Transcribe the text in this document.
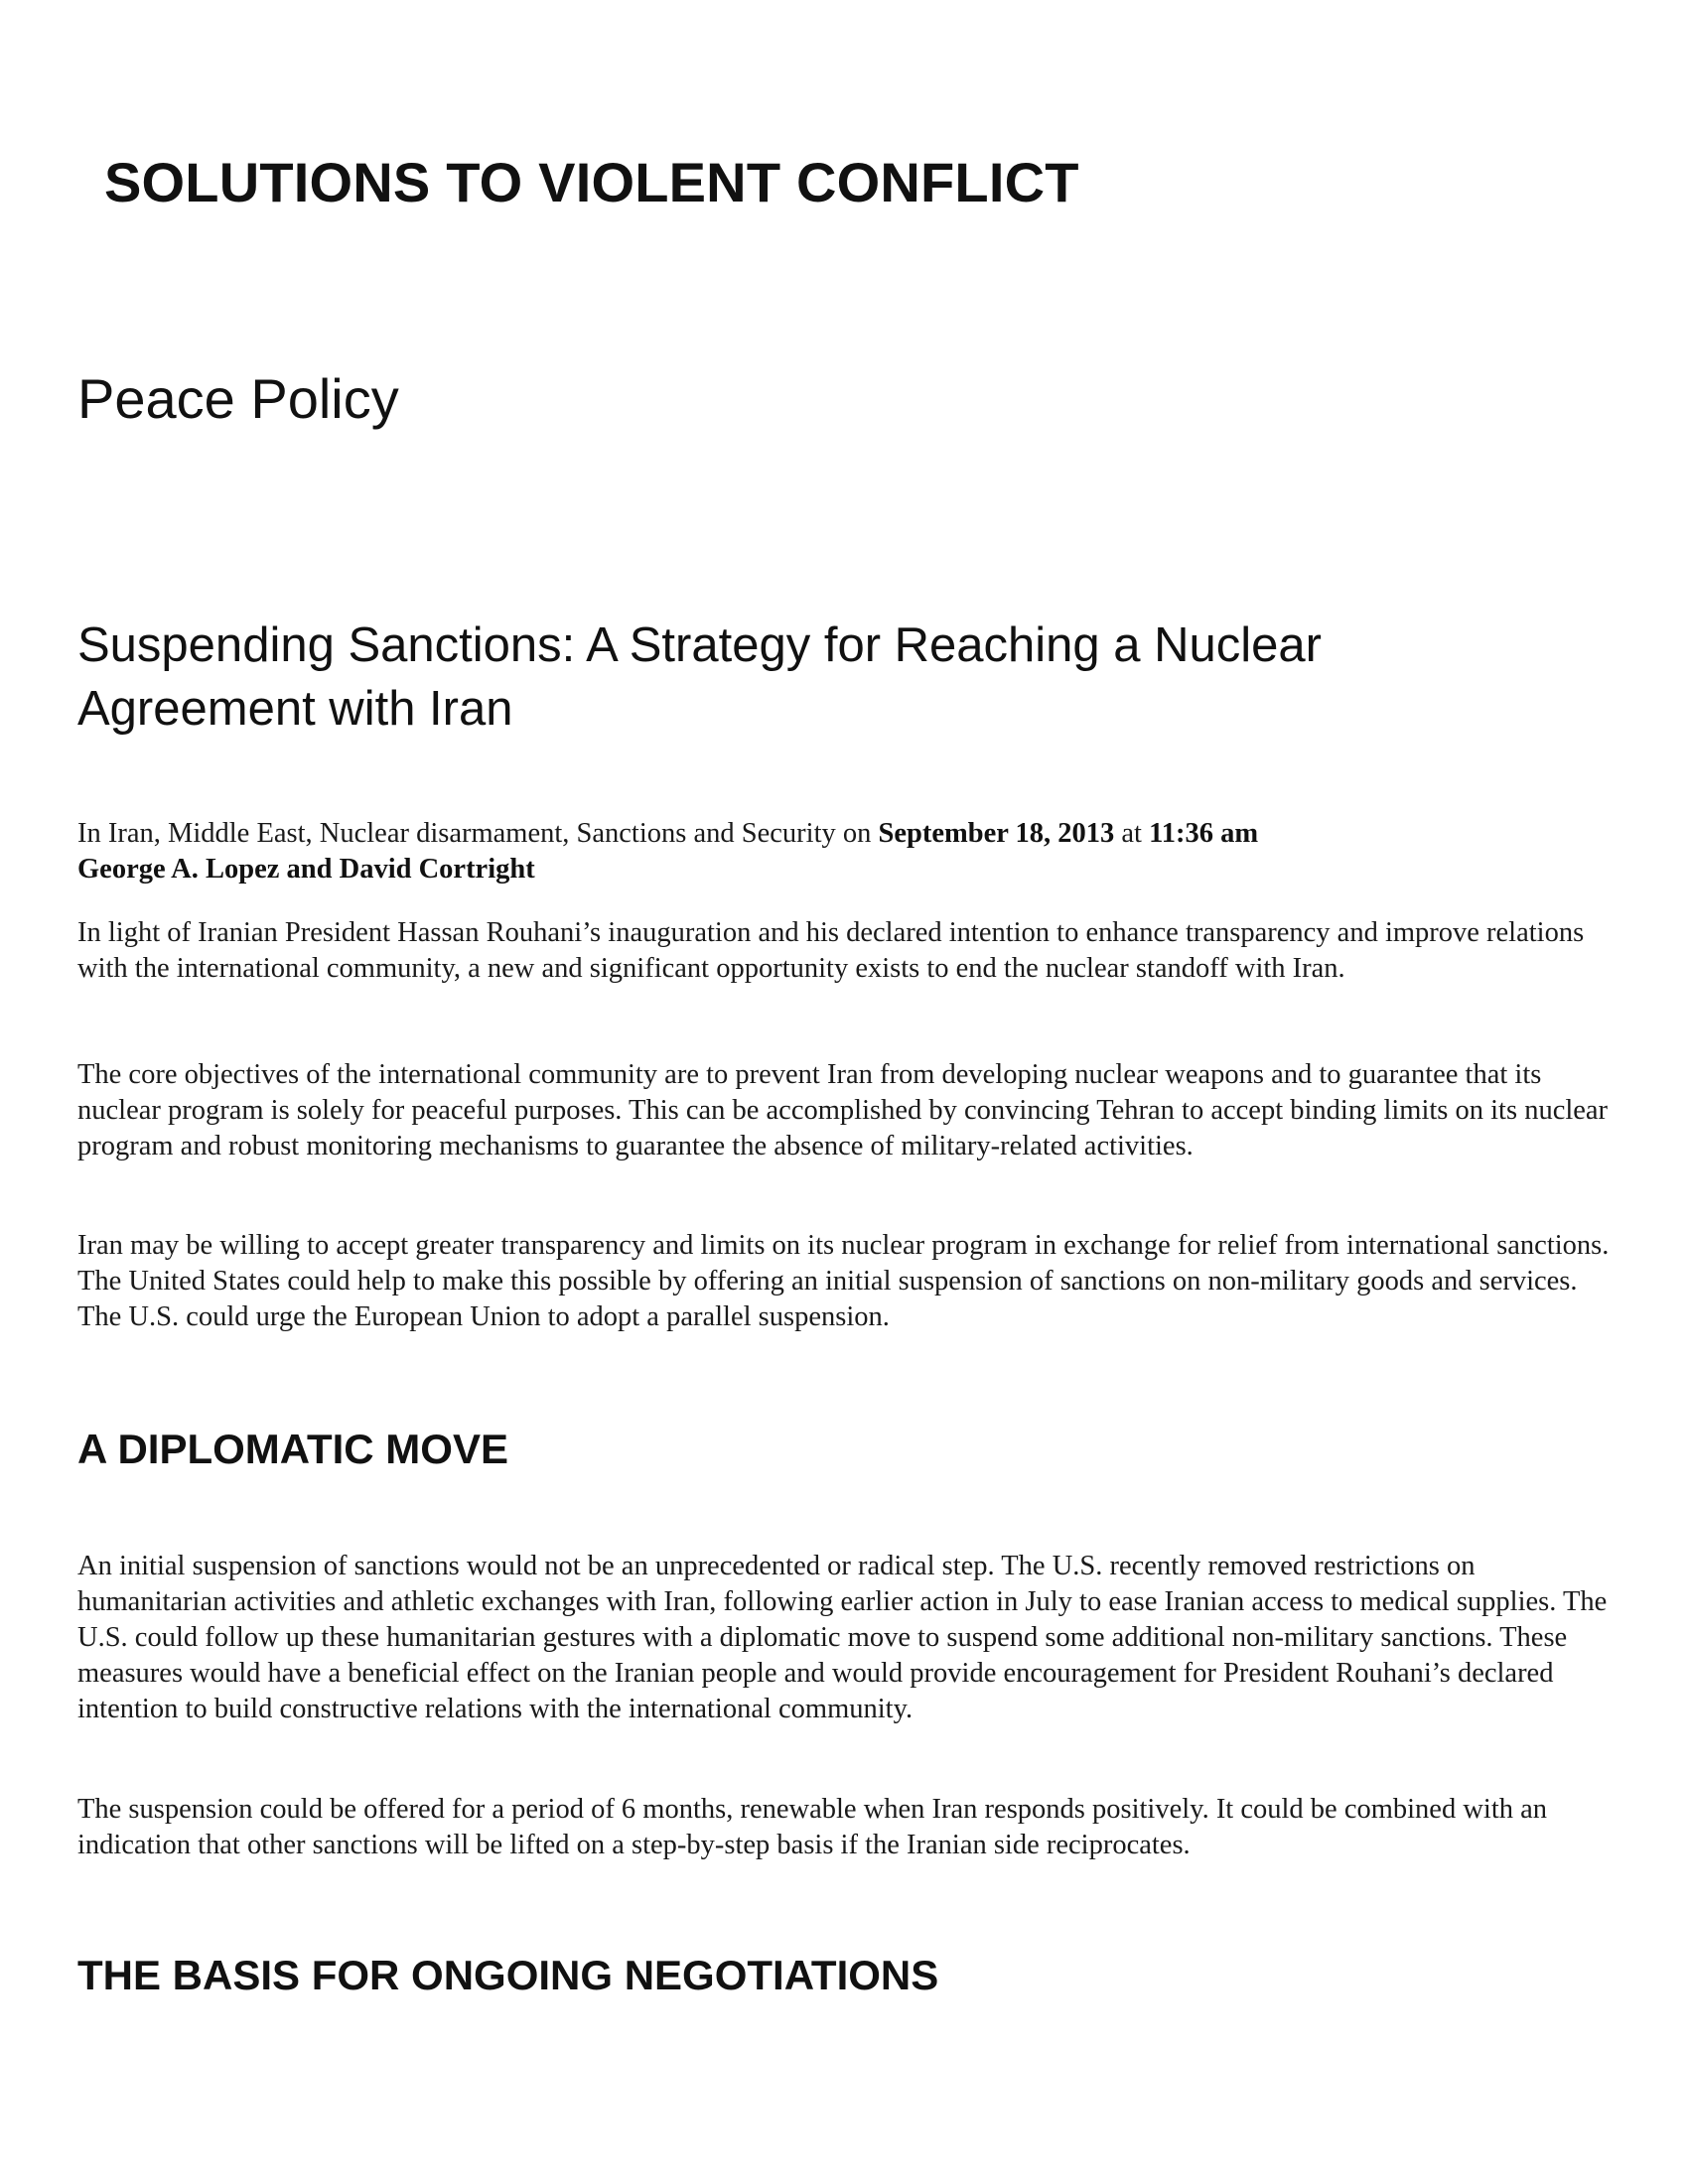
SOLUTIONS TO VIOLENT CONFLICT
Peace Policy
Suspending Sanctions: A Strategy for Reaching a Nuclear Agreement with Iran
In Iran, Middle East, Nuclear disarmament, Sanctions and Security on September 18, 2013 at 11:36 am
George A. Lopez and David Cortright

In light of Iranian President Hassan Rouhani’s inauguration and his declared intention to enhance transparency and improve relations with the international community, a new and significant opportunity exists to end the nuclear standoff with Iran.

The core objectives of the international community are to prevent Iran from developing nuclear weapons and to guarantee that its nuclear program is solely for peaceful purposes. This can be accomplished by convincing Tehran to accept binding limits on its nuclear program and robust monitoring mechanisms to guarantee the absence of military-related activities.

Iran may be willing to accept greater transparency and limits on its nuclear program in exchange for relief from international sanctions. The United States could help to make this possible by offering an initial suspension of sanctions on non-military goods and services. The U.S. could urge the European Union to adopt a parallel suspension.

A DIPLOMATIC MOVE

An initial suspension of sanctions would not be an unprecedented or radical step. The U.S. recently removed restrictions on humanitarian activities and athletic exchanges with Iran, following earlier action in July to ease Iranian access to medical supplies. The U.S. could follow up these humanitarian gestures with a diplomatic move to suspend some additional non-military sanctions. These measures would have a beneficial effect on the Iranian people and would provide encouragement for President Rouhani’s declared intention to build constructive relations with the international community.

The suspension could be offered for a period of 6 months, renewable when Iran responds positively. It could be combined with an indication that other sanctions will be lifted on a step-by-step basis if the Iranian side reciprocates.

THE BASIS FOR ONGOING NEGOTIATIONS
